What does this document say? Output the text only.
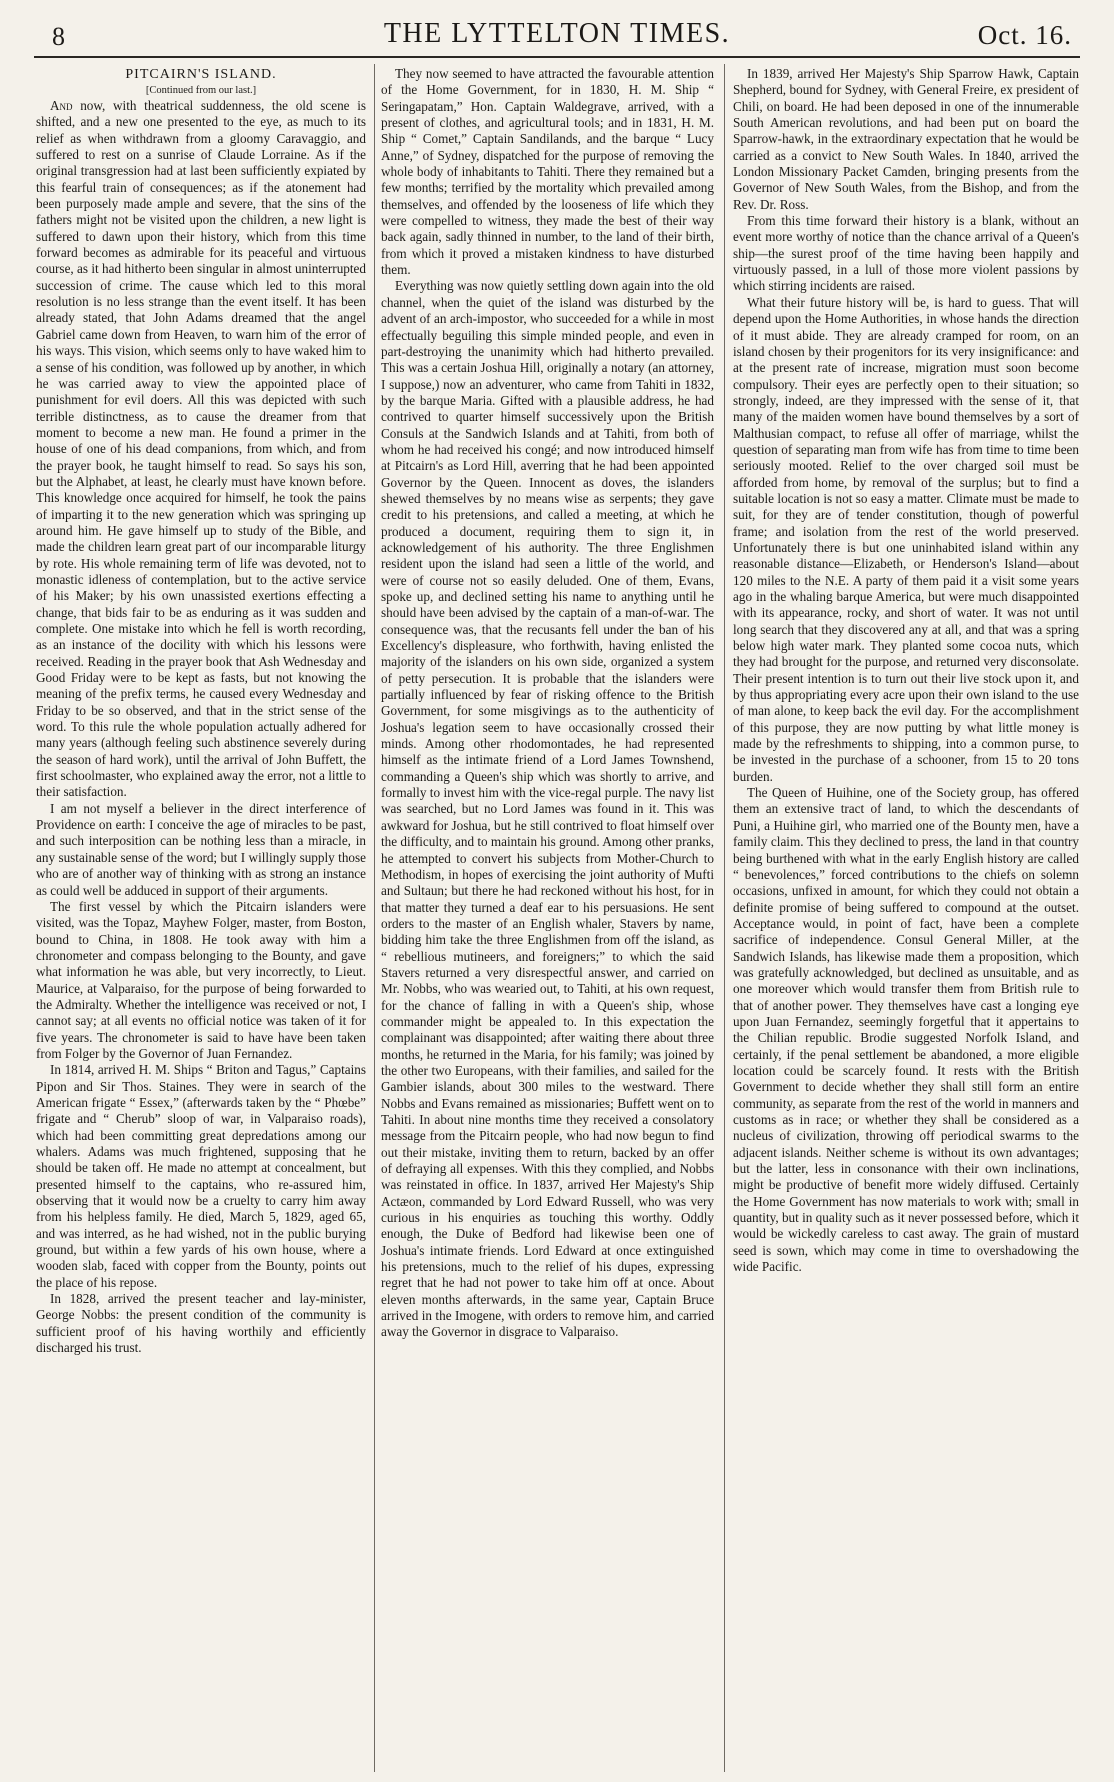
8	THE LYTTELTON TIMES.	Oct. 16.
PITCAIRN'S ISLAND.
[Continued from our last.]

And now, with theatrical suddenness, the old scene is shifted, and a new one presented to the eye, as much to its relief as when withdrawn from a gloomy Caravaggio, and suffered to rest on a sunrise of Claude Lorraine. As if the original transgression had at last been sufficiently expiated by this fearful train of consequences; as if the atonement had been purposely made ample and severe, that the sins of the fathers might not be visited upon the children, a new light is suffered to dawn upon their history, which from this time forward becomes as admirable for its peaceful and virtuous course, as it had hitherto been singular in almost uninterrupted succession of crime. The cause which led to this moral resolution is no less strange than the event itself. It has been already stated, that John Adams dreamed that the angel Gabriel came down from Heaven, to warn him of the error of his ways. This vision, which seems only to have waked him to a sense of his condition, was followed up by another, in which he was carried away to view the appointed place of punishment for evil doers. All this was depicted with such terrible distinctness, as to cause the dreamer from that moment to become a new man. He found a primer in the house of one of his dead companions, from which, and from the prayer book, he taught himself to read. So says his son, but the Alphabet, at least, he clearly must have known before. This knowledge once acquired for himself, he took the pains of imparting it to the new generation which was springing up around him. He gave himself up to study of the Bible, and made the children learn great part of our incomparable liturgy by rote. His whole remaining term of life was devoted, not to monastic idleness of contemplation, but to the active service of his Maker; by his own unassisted exertions effecting a change, that bids fair to be as enduring as it was sudden and complete. One mistake into which he fell is worth recording, as an instance of the docility with which his lessons were received. Reading in the prayer book that Ash Wednesday and Good Friday were to be kept as fasts, but not knowing the meaning of the prefix terms, he caused every Wednesday and Friday to be so observed, and that in the strict sense of the word. To this rule the whole population actually adhered for many years (although feeling such abstinence severely during the season of hard work), until the arrival of John Buffett, the first schoolmaster, who explained away the error, not a little to their satisfaction.

I am not myself a believer in the direct interference of Providence on earth: I conceive the age of miracles to be past, and such interposition can be nothing less than a miracle, in any sustainable sense of the word; but I willingly supply those who are of another way of thinking with as strong an instance as could well be adduced in support of their arguments.

The first vessel by which the Pitcairn islanders were visited, was the Topaz, Mayhew Folger, master, from Boston, bound to China, in 1808. He took away with him a chronometer and compass belonging to the Bounty, and gave what information he was able, but very incorrectly, to Lieut. Maurice, at Valparaiso, for the purpose of being forwarded to the Admiralty. Whether the intelligence was received or not, I cannot say; at all events no official notice was taken of it for five years. The chronometer is said to have have been taken from Folger by the Governor of Juan Fernandez.

In 1814, arrived H. M. Ships “ Briton and Tagus,” Captains Pipon and Sir Thos. Staines. They were in search of the American frigate “ Essex,” (afterwards taken by the “ Phœbe” frigate and “ Cherub” sloop of war, in Valparaiso roads), which had been committing great depredations among our whalers. Adams was much frightened, supposing that he should be taken off. He made no attempt at concealment, but presented himself to the captains, who re-assured him, observing that it would now be a cruelty to carry him away from his helpless family. He died, March 5, 1829, aged 65, and was interred, as he had wished, not in the public burying ground, but within a few yards of his own house, where a wooden slab, faced with copper from the Bounty, points out the place of his repose.

In 1828, arrived the present teacher and lay-minister, George Nobbs: the present condition of the community is sufficient proof of his having worthily and efficiently discharged his trust.

They now seemed to have attracted the favourable attention of the Home Government, for in 1830, H. M. Ship “ Seringapatam,” Hon. Captain Waldegrave, arrived, with a present of clothes, and agricultural tools; and in 1831, H. M. Ship “ Comet,” Captain Sandilands, and the barque “ Lucy Anne,” of Sydney, dispatched for the purpose of removing the whole body of inhabitants to Tahiti. There they remained but a few months; terrified by the mortality which prevailed among themselves, and offended by the looseness of life which they were compelled to witness, they made the best of their way back again, sadly thinned in number, to the land of their birth, from which it proved a mistaken kindness to have disturbed them.

Everything was now quietly settling down again into the old channel, when the quiet of the island was disturbed by the advent of an arch-impostor, who succeeded for a while in most effectually beguiling this simple minded people, and even in part-destroying the unanimity which had hitherto prevailed. This was a certain Joshua Hill, originally a notary (an attorney, I suppose,) now an adventurer, who came from Tahiti in 1832, by the barque Maria. Gifted with a plausible address, he had contrived to quarter himself successively upon the British Consuls at the Sandwich Islands and at Tahiti, from both of whom he had received his congé; and now introduced himself at Pitcairn's as Lord Hill, averring that he had been appointed Governor by the Queen. Innocent as doves, the islanders shewed themselves by no means wise as serpents; they gave credit to his pretensions, and called a meeting, at which he produced a document, requiring them to sign it, in acknowledgement of his authority. The three Englishmen resident upon the island had seen a little of the world, and were of course not so easily deluded. One of them, Evans, spoke up, and declined setting his name to anything until he should have been advised by the captain of a man-of-war. The consequence was, that the recusants fell under the ban of his Excellency's displeasure, who forthwith, having enlisted the majority of the islanders on his own side, organized a system of petty persecution. It is probable that the islanders were partially influenced by fear of risking offence to the British Government, for some misgivings as to the authenticity of Joshua's legation seem to have occasionally crossed their minds. Among other rhodomontades, he had represented himself as the intimate friend of a Lord James Townshend, commanding a Queen's ship which was shortly to arrive, and formally to invest him with the vice-regal purple. The navy list was searched, but no Lord James was found in it. This was awkward for Joshua, but he still contrived to float himself over the difficulty, and to maintain his ground. Among other pranks, he attempted to convert his subjects from Mother-Church to Methodism, in hopes of exercising the joint authority of Mufti and Sultaun; but there he had reckoned without his host, for in that matter they turned a deaf ear to his persuasions. He sent orders to the master of an English whaler, Stavers by name, bidding him take the three Englishmen from off the island, as “ rebellious mutineers, and foreigners;” to which the said Stavers returned a very disrespectful answer, and carried on Mr. Nobbs, who was wearied out, to Tahiti, at his own request, for the chance of falling in with a Queen's ship, whose commander might be appealed to. In this expectation the complainant was disappointed; after waiting there about three months, he returned in the Maria, for his family; was joined by the other two Europeans, with their families, and sailed for the Gambier islands, about 300 miles to the westward. There Nobbs and Evans remained as missionaries; Buffett went on to Tahiti. In about nine months time they received a consolatory message from the Pitcairn people, who had now begun to find out their mistake, inviting them to return, backed by an offer of defraying all expenses. With this they complied, and Nobbs was reinstated in office. In 1837, arrived Her Majesty's Ship Actæon, commanded by Lord Edward Russell, who was very curious in his enquiries as touching this worthy. Oddly enough, the Duke of Bedford had likewise been one of Joshua's intimate friends. Lord Edward at once extinguished his pretensions, much to the relief of his dupes, expressing regret that he had not power to take him off at once. About eleven months afterwards, in the same year, Captain Bruce arrived in the Imogene, with orders to remove him, and carried away the Governor in disgrace to Valparaiso.

In 1839, arrived Her Majesty's Ship Sparrow Hawk, Captain Shepherd, bound for Sydney, with General Freire, ex president of Chili, on board. He had been deposed in one of the innumerable South American revolutions, and had been put on board the Sparrow-hawk, in the extraordinary expectation that he would be carried as a convict to New South Wales. In 1840, arrived the London Missionary Packet Camden, bringing presents from the Governor of New South Wales, from the Bishop, and from the Rev. Dr. Ross.

From this time forward their history is a blank, without an event more worthy of notice than the chance arrival of a Queen's ship—the surest proof of the time having been happily and virtuously passed, in a lull of those more violent passions by which stirring incidents are raised.

What their future history will be, is hard to guess. That will depend upon the Home Authorities, in whose hands the direction of it must abide. They are already cramped for room, on an island chosen by their progenitors for its very insignificance: and at the present rate of increase, migration must soon become compulsory. Their eyes are perfectly open to their situation; so strongly, indeed, are they impressed with the sense of it, that many of the maiden women have bound themselves by a sort of Malthusian compact, to refuse all offer of marriage, whilst the question of separating man from wife has from time to time been seriously mooted. Relief to the over charged soil must be afforded from home, by removal of the surplus; but to find a suitable location is not so easy a matter. Climate must be made to suit, for they are of tender constitution, though of powerful frame; and isolation from the rest of the world preserved. Unfortunately there is but one uninhabited island within any reasonable distance—Elizabeth, or Henderson's Island—about 120 miles to the N.E. A party of them paid it a visit some years ago in the whaling barque America, but were much disappointed with its appearance, rocky, and short of water. It was not until long search that they discovered any at all, and that was a spring below high water mark. They planted some cocoa nuts, which they had brought for the purpose, and returned very disconsolate. Their present intention is to turn out their live stock upon it, and by thus appropriating every acre upon their own island to the use of man alone, to keep back the evil day. For the accomplishment of this purpose, they are now putting by what little money is made by the refreshments to shipping, into a common purse, to be invested in the purchase of a schooner, from 15 to 20 tons burden.

The Queen of Huihine, one of the Society group, has offered them an extensive tract of land, to which the descendants of Puni, a Huihine girl, who married one of the Bounty men, have a family claim. This they declined to press, the land in that country being burthened with what in the early English history are called “ benevolences,” forced contributions to the chiefs on solemn occasions, unfixed in amount, for which they could not obtain a definite promise of being suffered to compound at the outset. Acceptance would, in point of fact, have been a complete sacrifice of independence. Consul General Miller, at the Sandwich Islands, has likewise made them a proposition, which was gratefully acknowledged, but declined as unsuitable, and as one moreover which would transfer them from British rule to that of another power. They themselves have cast a longing eye upon Juan Fernandez, seemingly forgetful that it appertains to the Chilian republic. Brodie suggested Norfolk Island, and certainly, if the penal settlement be abandoned, a more eligible location could be scarcely found. It rests with the British Government to decide whether they shall still form an entire community, as separate from the rest of the world in manners and customs as in race; or whether they shall be considered as a nucleus of civilization, throwing off periodical swarms to the adjacent islands. Neither scheme is without its own advantages; but the latter, less in consonance with their own inclinations, might be productive of benefit more widely diffused. Certainly the Home Government has now materials to work with; small in quantity, but in quality such as it never possessed before, which it would be wickedly careless to cast away. The grain of mustard seed is sown, which may come in time to overshadowing the wide Pacific.
